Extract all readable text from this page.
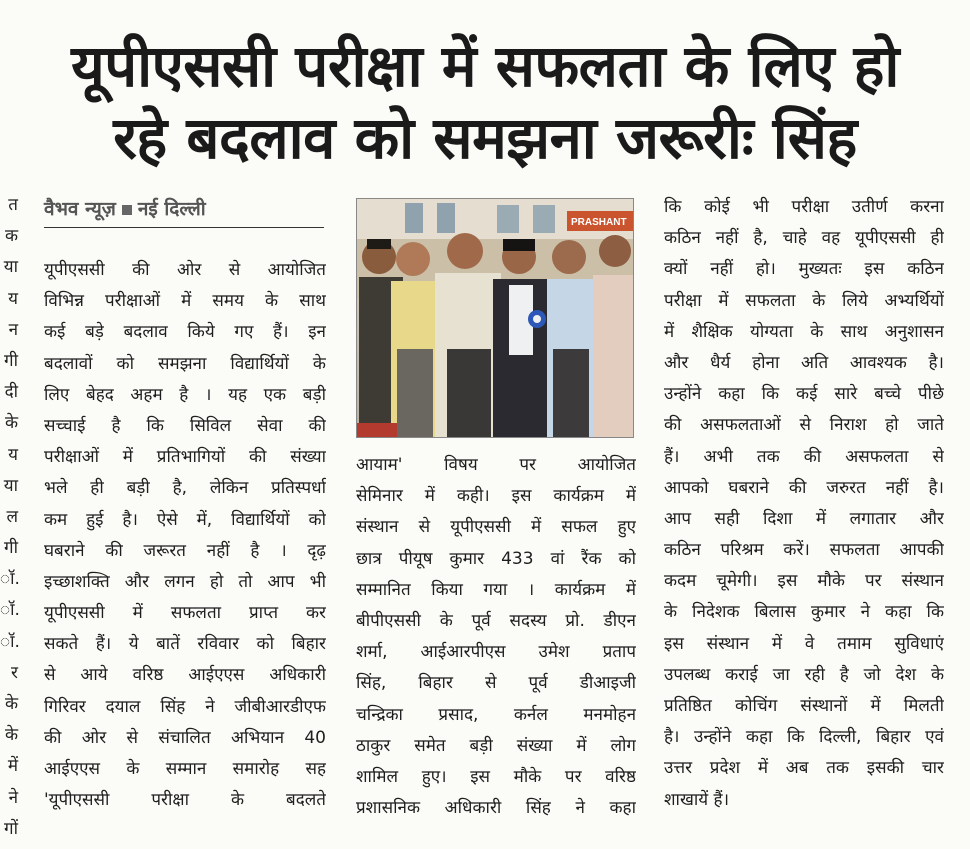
यूपीएससी परीक्षा में सफलता के लिए हो
रहे बदलाव को समझना जरूरीः सिंह
त
क
या
य
न
गी
दी
के
य
या
ल
गी
ॉ.
ॉ.
ॉ.
र
के
के
में
ने
गों
वैभव न्यूज़ नई दिल्ली
यूपीएससी की ओर से आयोजित
विभिन्न परीक्षाओं में समय के साथ
कई बड़े बदलाव किये गए हैं। इन
बदलावों को समझना विद्यार्थियों के
लिए बेहद अहम है । यह एक बड़ी
सच्चाई है कि सिविल सेवा की
परीक्षाओं में प्रतिभागियों की संख्या
भले ही बड़ी है, लेकिन प्रतिस्पर्धा
कम हुई है। ऐसे में, विद्यार्थियों को
घबराने की जरूरत नहीं है । दृढ़
इच्छाशक्ति और लगन हो तो आप भी
यूपीएससी में सफलता प्राप्त कर
सकते हैं। ये बातें रविवार को बिहार
से आये वरिष्ठ आईएएस अधिकारी
गिरिवर दयाल सिंह ने जीबीआरडीएफ
की ओर से संचालित अभियान 40
आईएएस के सम्मान समारोह सह
'यूपीएससी परीक्षा के बदलते
PRASHANT
आयाम' विषय पर आयोजित
सेमिनार में कही। इस कार्यक्रम में
संस्थान से यूपीएससी में सफल हुए
छात्र पीयूष कुमार 433 वां रैंक को
सम्मानित किया गया । कार्यक्रम में
बीपीएससी के पूर्व सदस्य प्रो. डीएन
शर्मा, आईआरपीएस उमेश प्रताप
सिंह, बिहार से पूर्व डीआइजी
चन्द्रिका प्रसाद, कर्नल मनमोहन
ठाकुर समेत बड़ी संख्या में लोग
शामिल हुए। इस मौके पर वरिष्ठ
प्रशासनिक अधिकारी सिंह ने कहा
कि कोई भी परीक्षा उतीर्ण करना
कठिन नहीं है, चाहे वह यूपीएससी ही
क्यों नहीं हो। मुख्यतः इस कठिन
परीक्षा में सफलता के लिये अभ्यर्थियों
में शैक्षिक योग्यता के साथ अनुशासन
और धैर्य होना अति आवश्यक है।
उन्होंने कहा कि कई सारे बच्चे पीछे
की असफलताओं से निराश हो जाते
हैं। अभी तक की असफलता से
आपको घबराने की जरुरत नहीं है।
आप सही दिशा में लगातार और
कठिन परिश्रम करें। सफलता आपकी
कदम चूमेगी। इस मौके पर संस्थान
के निदेशक बिलास कुमार ने कहा कि
इस संस्थान में वे तमाम सुविधाएं
उपलब्ध कराई जा रही है जो देश के
प्रतिष्ठित कोचिंग संस्थानों में मिलती
है। उन्होंने कहा कि दिल्ली, बिहार एवं
उत्तर प्रदेश में अब तक इसकी चार
शाखायें हैं।
